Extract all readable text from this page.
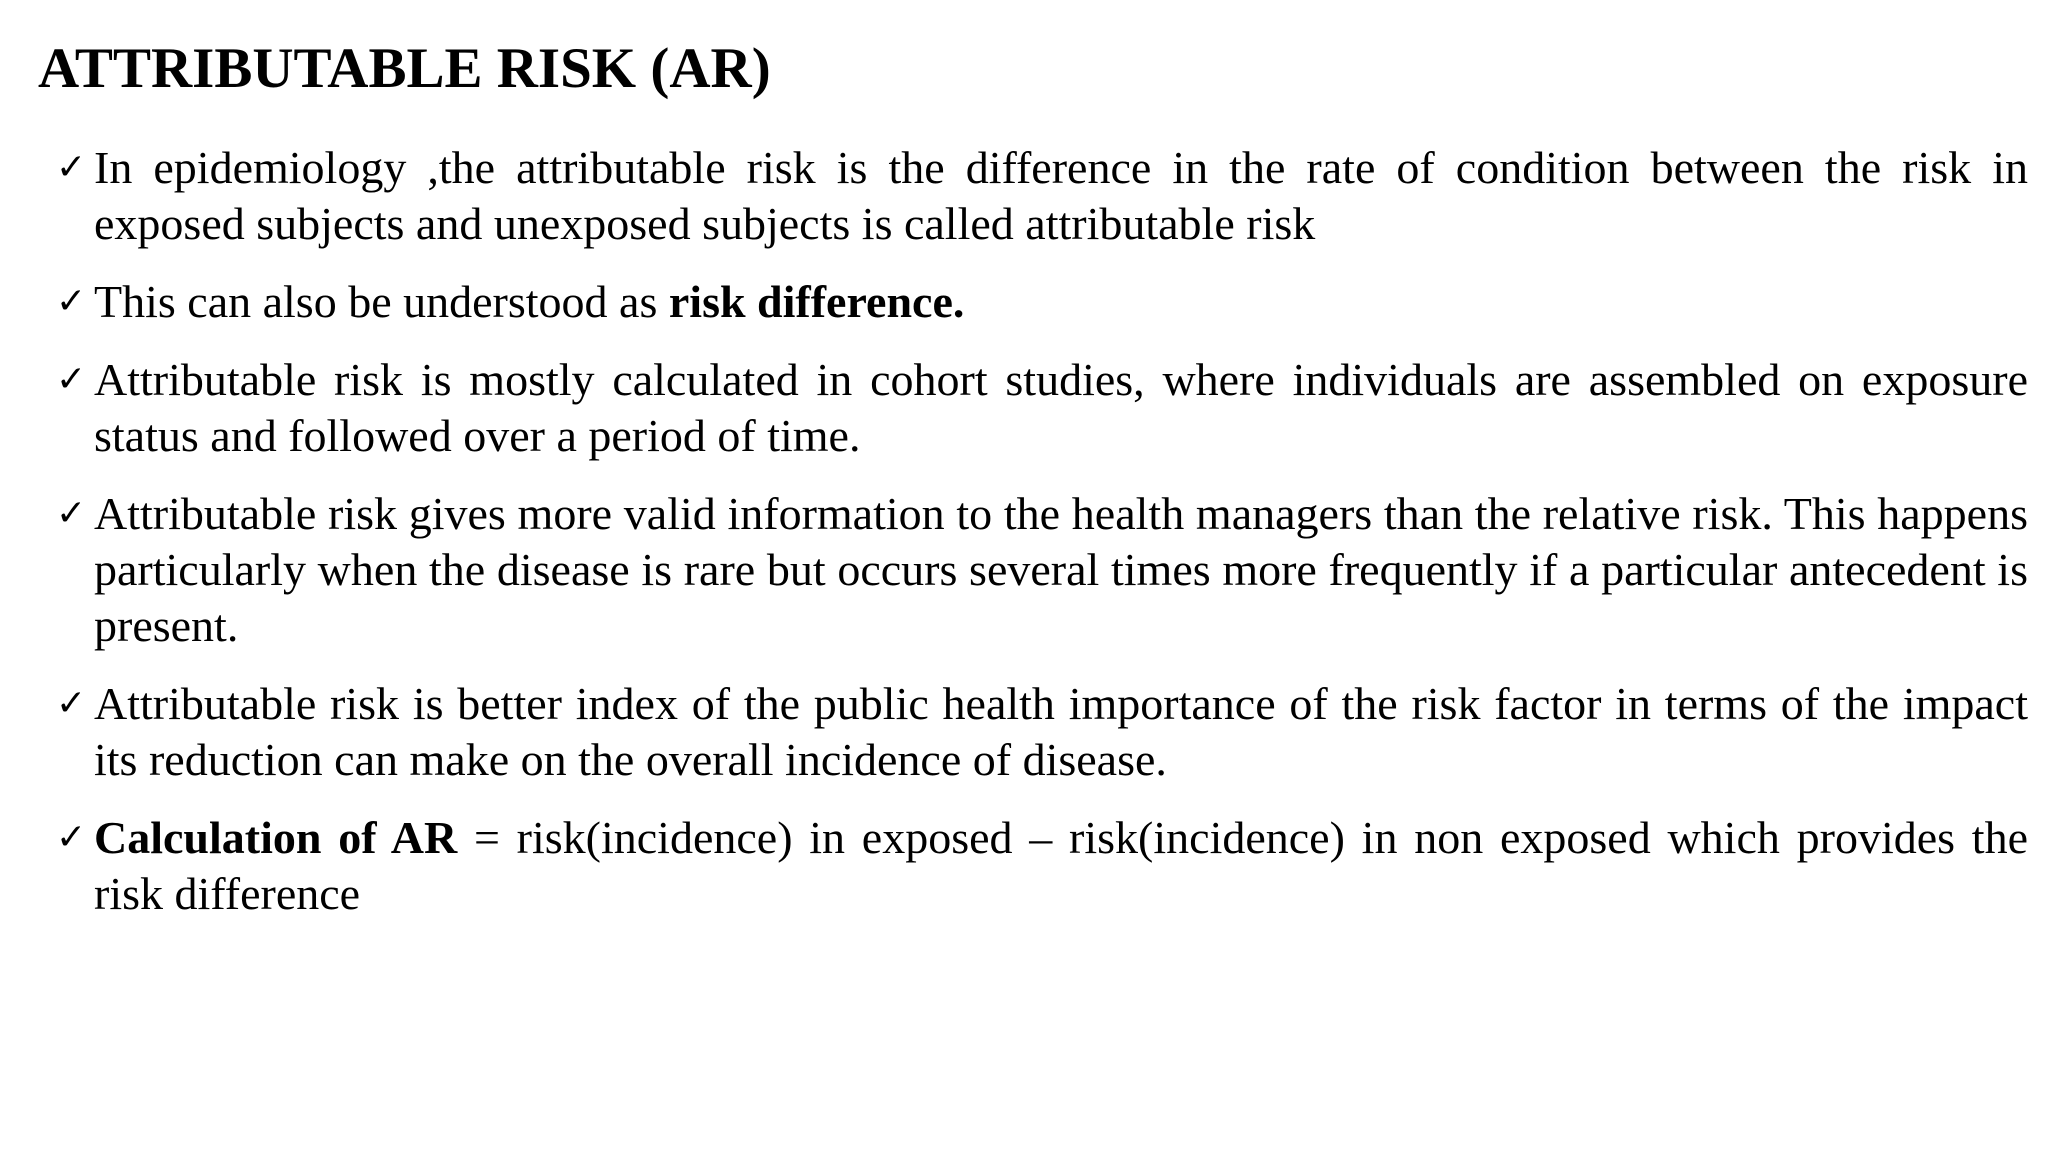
ATTRIBUTABLE RISK (AR)
✓ In epidemiology ,the attributable risk is the difference in the rate of condition between the risk in exposed subjects and unexposed subjects is called attributable risk
✓ This can also be understood as risk difference.
✓ Attributable risk is mostly calculated in cohort studies, where individuals are assembled on exposure status and followed over a period of time.
✓ Attributable risk gives more valid information to the health managers than the relative risk. This happens particularly when the disease is rare but occurs several times more frequently if a particular antecedent is present.
✓ Attributable risk is better index of the public health importance of the risk factor in terms of the impact its reduction can make on the overall incidence of disease.
✓ Calculation of AR = risk(incidence) in exposed – risk(incidence) in non exposed which provides the risk difference
